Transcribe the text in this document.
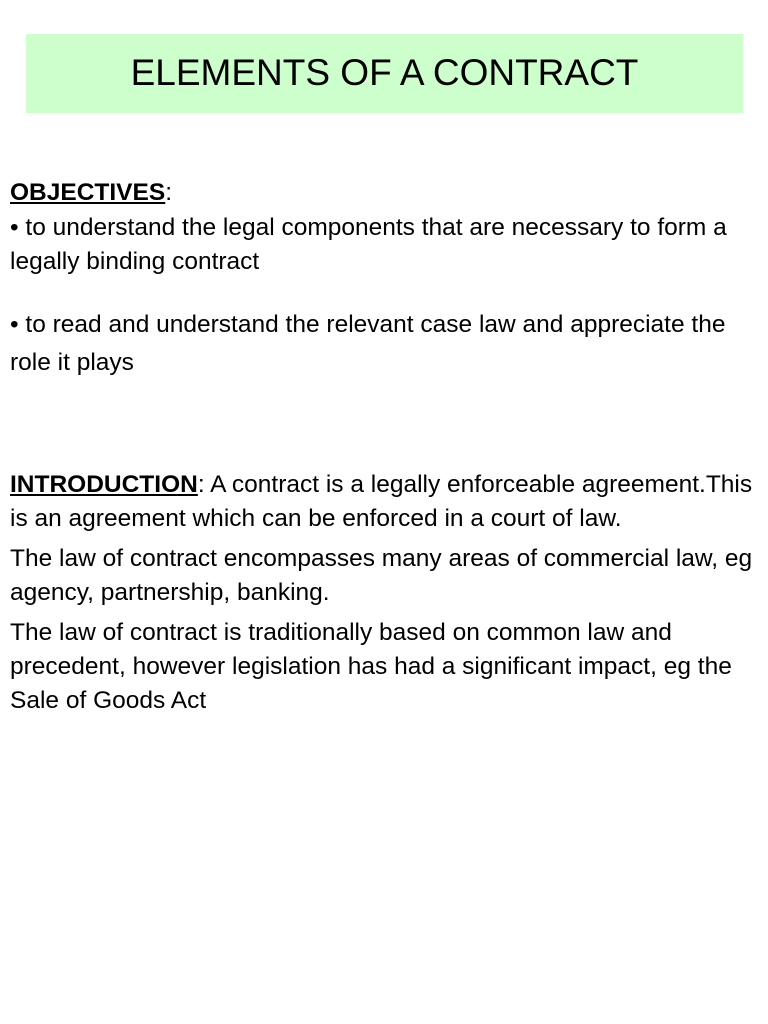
ELEMENTS OF A CONTRACT

OBJECTIVES:

• to understand the legal components that are necessary to form a legally binding contract

• to read and understand the relevant case law and appreciate the role it plays

INTRODUCTION: A contract is a legally enforceable agreement.This is an agreement which can be enforced in a court of law.

The law of contract encompasses many areas of commercial law, eg agency, partnership, banking.

The law of contract is traditionally based on common law and precedent, however legislation has had a significant impact, eg the Sale of Goods Act
